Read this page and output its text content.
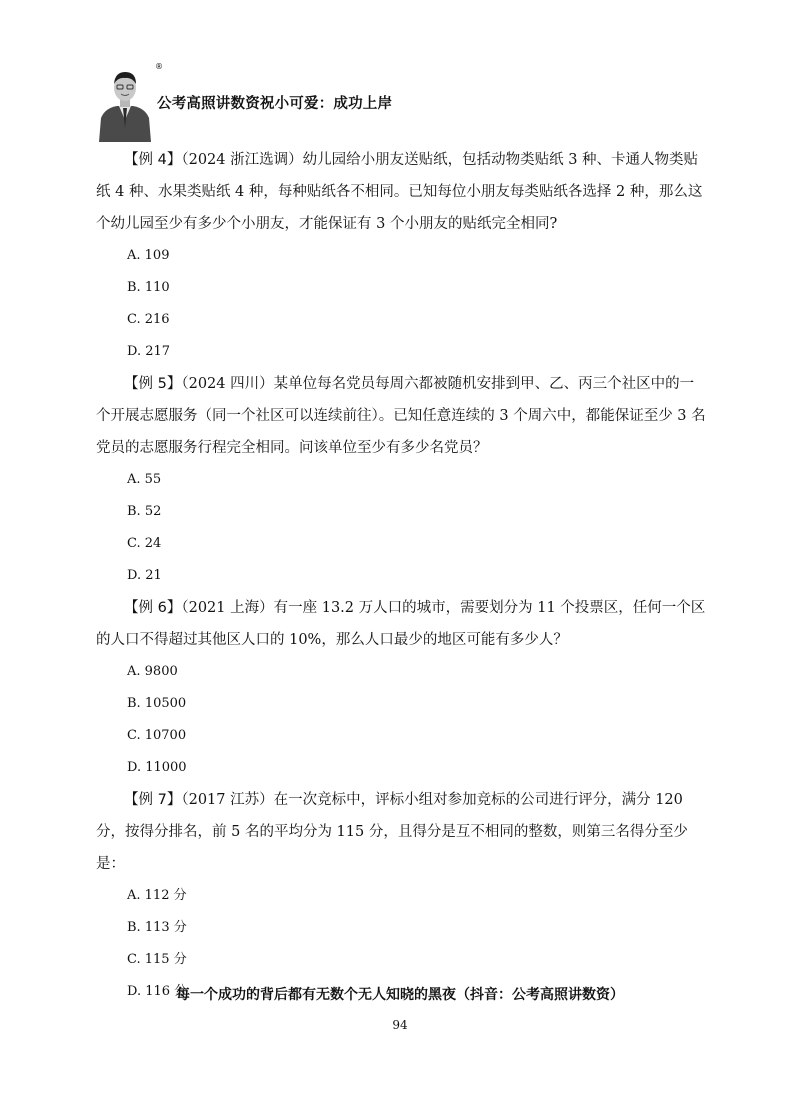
®
公考高照讲数资祝小可爱：成功上岸

【例 4】（2024 浙江选调）幼儿园给小朋友送贴纸，包括动物类贴纸 3 种、卡通人物类贴纸 4 种、水果类贴纸 4 种，每种贴纸各不相同。已知每位小朋友每类贴纸各选择 2 种，那么这个幼儿园至少有多少个小朋友，才能保证有 3 个小朋友的贴纸完全相同?

A. 109
B. 110
C. 216
D. 217

【例 5】（2024 四川）某单位每名党员每周六都被随机安排到甲、乙、丙三个社区中的一个开展志愿服务（同一个社区可以连续前往）。已知任意连续的 3 个周六中，都能保证至少 3 名党员的志愿服务行程完全相同。问该单位至少有多少名党员？

A. 55
B. 52
C. 24
D. 21

【例 6】（2021 上海）有一座 13.2 万人口的城市，需要划分为 11 个投票区，任何一个区的人口不得超过其他区人口的 10%，那么人口最少的地区可能有多少人？

A. 9800
B. 10500
C. 10700
D. 11000

【例 7】（2017 江苏）在一次竞标中，评标小组对参加竞标的公司进行评分，满分 120 分，按得分排名，前 5 名的平均分为 115 分，且得分是互不相同的整数，则第三名得分至少是：

A. 112 分
B. 113 分
C. 115 分
D. 116 分
每一个成功的背后都有无数个无人知晓的黑夜（抖音：公考高照讲数资）
94
